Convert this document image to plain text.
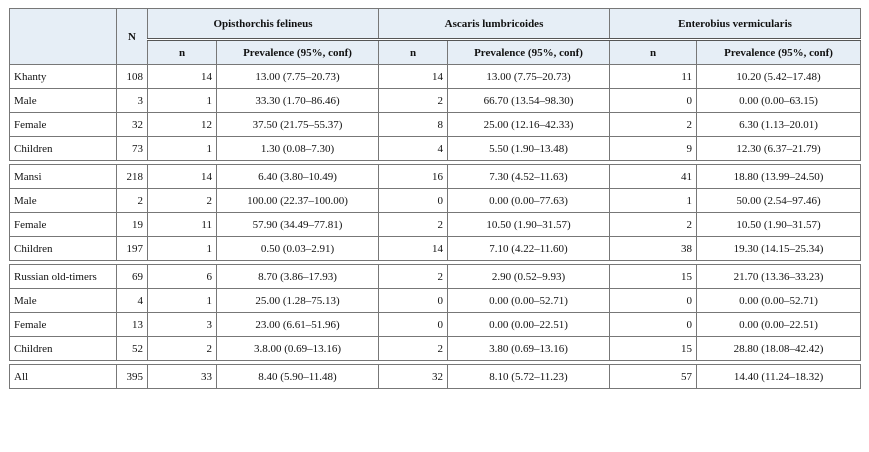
	N	Opisthorchis felineus		Ascaris lumbricoides		Enterobius vermicularis	
		n	Prevalence (95%, conf)	n	Prevalence (95%, conf)	n	Prevalence (95%, conf)
Khanty	108	14	13.00 (7.75–20.73)	14	13.00 (7.75–20.73)	11	10.20 (5.42–17.48)
Male	3	1	33.30 (1.70–86.46)	2	66.70 (13.54–98.30)	0	0.00 (0.00–63.15)
Female	32	12	37.50 (21.75–55.37)	8	25.00 (12.16–42.33)	2	6.30 (1.13–20.01)
Children	73	1	1.30 (0.08–7.30)	4	5.50 (1.90–13.48)	9	12.30 (6.37–21.79)

Mansi	218	14	6.40 (3.80–10.49)	16	7.30 (4.52–11.63)	41	18.80 (13.99–24.50)
Male	2	2	100.00 (22.37–100.00)	0	0.00 (0.00–77.63)	1	50.00 (2.54–97.46)
Female	19	11	57.90 (34.49–77.81)	2	10.50 (1.90–31.57)	2	10.50 (1.90–31.57)
Children	197	1	0.50 (0.03–2.91)	14	7.10 (4.22–11.60)	38	19.30 (14.15–25.34)

Russian old-timers	69	6	8.70 (3.86–17.93)	2	2.90 (0.52–9.93)	15	21.70 (13.36–33.23)
Male	4	1	25.00 (1.28–75.13)	0	0.00 (0.00–52.71)	0	0.00 (0.00–52.71)
Female	13	3	23.00 (6.61–51.96)	0	0.00 (0.00–22.51)	0	0.00 (0.00–22.51)
Children	52	2	3.8.00 (0.69–13.16)	2	3.80 (0.69–13.16)	15	28.80 (18.08–42.42)

All	395	33	8.40 (5.90–11.48)	32	8.10 (5.72–11.23)	57	14.40 (11.24–18.32)
